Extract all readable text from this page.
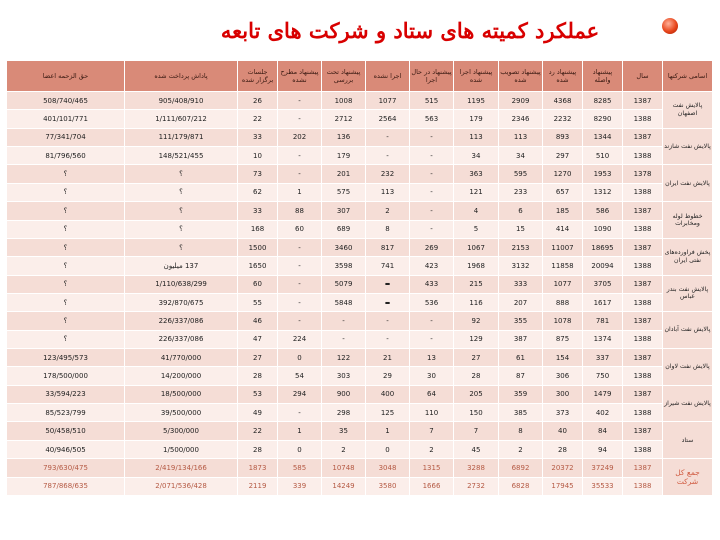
عملکرد کمیته های ستاد و شرکت های تابعه
اسامی شرکتها	سال	پیشنهاد واصله	پیشنهاد رد شده	پیشنهاد تصویب شده	پیشنهاد اجرا شده	پیشنهاد در حال اجرا	اجرا نشده	پیشنهاد تحت بررسی	پیشنهاد مطرح نشده	جلسات برگزار شده	پاداش پرداخت شده	حق الزحمه اعضا
پالایش نفت اصفهان	1387	8285	4368	2909	1195	515	1077	1008	-	26	905/408/910	508/740/465
	1388	8290	2232	2346	179	563	2564	2712	-	22	1/111/607/212	401/101/771
پالایش نفت شازند	1387	1344	893	113	113	-	-	136	202	33	111/179/871	77/341/704
	1388	510	297	34	34	-	-	179	-	10	148/521/455	81/796/560
پالایش نفت ایران	1378	1953	1270	595	363	-	232	201	-	73	؟	؟
	1388	1312	657	233	121	-	113	575	1	62	؟	؟
خطوط لوله ومخابرات	1387	586	185	6	4	-	2	307	88	33	؟	؟
	1388	1090	414	15	5	-	8	689	60	168	؟	؟
پخش فراورده‌های نفتی ایران	1387	18695	11007	2153	1067	269	817	3460	-	1500	؟	؟
	1388	20094	11858	3132	1968	423	741	3598	-	1650	137 میلیون	؟
پالایش نفت بندر عباس	1387	3705	1077	333	215	433	-	5079	-	60	1/110/638/299	؟
	1388	1617	888	207	116	536	-	5848	-	55	392/870/675	؟
پالایش نفت آبادان	1387	781	1078	355	92	-	-	-	-	46	226/337/086	؟
	1388	1374	875	387	129	-	-	-	224	47	226/337/086	؟
پالایش نفت لاوان	1387	337	154	61	27	13	21	122	0	27	41/770/000	123/495/573
	1388	750	306	87	28	30	29	303	54	28	14/200/000	178/500/000
پالایش نفت شیراز	1387	1479	300	359	205	64	400	900	294	53	18/500/000	33/594/223
	1388	402	373	385	150	110	125	298	-	49	39/500/000	85/523/799
ستاد	1387	84	40	8	7	7	1	35	1	22	5/300/000	50/458/510
	1388	94	28	2	45	2	0	2	0	28	1/500/000	40/946/505
جمع کل شرکت	1387	37249	20372	6892	3288	1315	3048	10748	585	1873	2/419/134/166	793/630/475
	1388	35533	17945	6828	2732	1666	3580	14249	339	2119	2/071/536/428	787/868/635
